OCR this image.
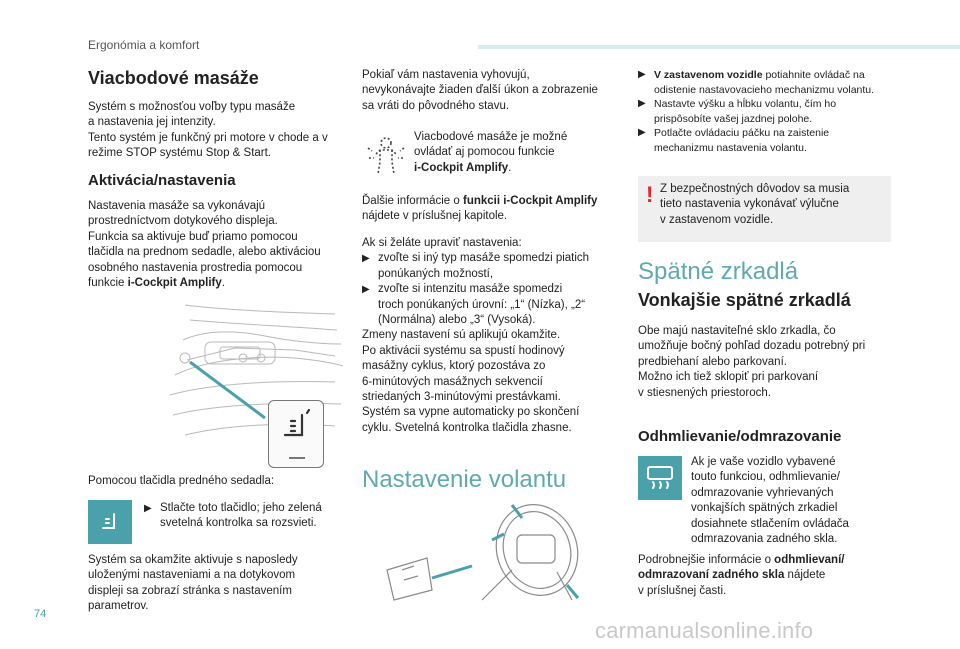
Ergonómia a komfort
Viacbodové masáže

Systém s možnosťou voľby typu masáže

a nastavenia jej intenzity.

Tento systém je funkčný pri motore v chode a v

režime STOP systému Stop & Start.

Aktivácia/nastavenia

Nastavenia masáže sa vykonávajú

prostredníctvom dotykového displeja.

Funkcia sa aktivuje buď priamo pomocou

tlačidla na prednom sedadle, alebo aktiváciou

osobného nastavenia prostredia pomocou

funkcie i-Cockpit Amplify.

Pomocou tlačidla predného sedadla:

▶ Stlačte toto tlačidlo; jeho zelená
svetelná kontrolka sa rozsvieti.

Systém sa okamžite aktivuje s naposledy

uloženými nastaveniami a na dotykovom

displeji sa zobrazí stránka s nastavením

parametrov.

Pokiaľ vám nastavenia vyhovujú,

nevykonávajte žiaden ďalší úkon a zobrazenie

sa vráti do pôvodného stavu.

Viacbodové masáže je možné

ovládať aj pomocou funkcie

i-Cockpit Amplify.

Ďalšie informácie o funkcii i-Cockpit Amplify

nájdete v príslušnej kapitole.

Ak si želáte upraviť nastavenia:

▶ zvoľte si iný typ masáže spomedzi piatich
ponúkaných možností,
▶ zvoľte si intenzitu masáže spomedzi
troch ponúkaných úrovní: „1“ (Nízka), „2“
(Normálna) alebo „3“ (Vysoká).

Zmeny nastavení sú aplikujú okamžite.

Po aktivácii systému sa spustí hodinový

masážny cyklus, ktorý pozostáva zo

6-minútových masážnych sekvencií

striedaných 3-minútovými prestávkami.

Systém sa vypne automaticky po skončení

cyklu. Svetelná kontrolka tlačidla zhasne.

Nastavenie volantu
▶ V zastavenom vozidle potiahnite ovládač na
odistenie nastavovacieho mechanizmu volantu.
▶ Nastavte výšku a hĺbku volantu, čím ho
prispôsobíte vašej jazdnej polohe.
▶ Potlačte ovládaciu páčku na zaistenie
mechanizmu nastavenia volantu.
! Z bezpečnostných dôvodov sa musia

tieto nastavenia vykonávať výlučne

v zastavenom vozidle.

Spätné zrkadlá
Vonkajšie spätné zrkadlá

Obe majú nastaviteľné sklo zrkadla, čo

umožňuje bočný pohľad dozadu potrebný pri

predbiehaní alebo parkovaní.

Možno ich tiež sklopiť pri parkovaní

v stiesnených priestoroch.

Odhmlievanie/odmrazovanie

Ak je vaše vozidlo vybavené

touto funkciou, odhmlievanie/

odmrazovanie vyhrievaných

vonkajších spätných zrkadiel

dosiahnete stlačením ovládača

odmrazovania zadného skla.

Podrobnejšie informácie o odhmlievaní/

odmrazovaní zadného skla nájdete

v príslušnej časti.

74
carmanualsonline.info
